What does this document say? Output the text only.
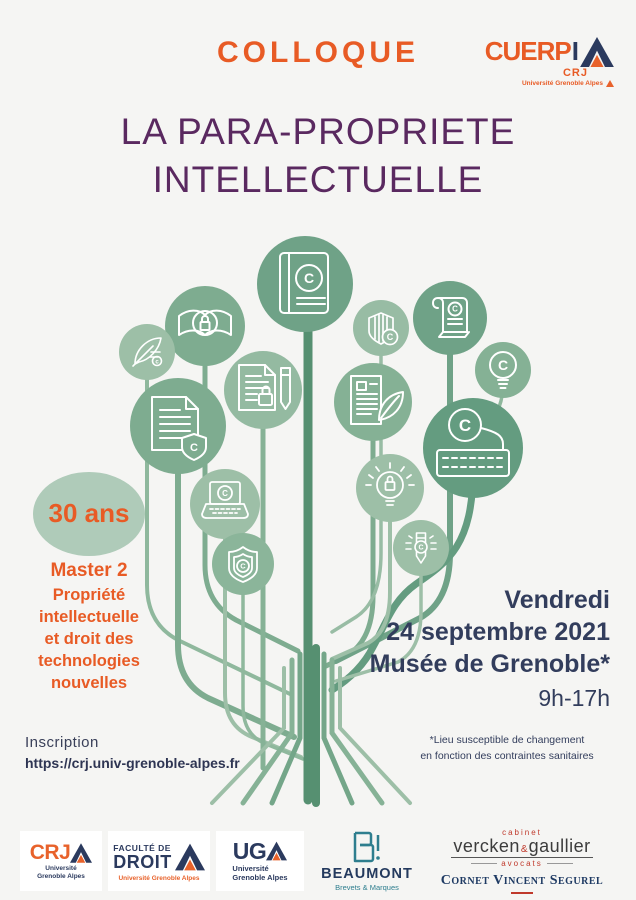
C
c
C
C
C
C
C
C
C
C
COLLOQUE	CUERP I
CRJ
Université Grenoble Alpes
LA PARA-PROPRIETE
INTELLECTUELLE
30 ans
Master 2
Propriété
intellectuelle
et droit des
technologies
nouvelles
Vendredi
24 septembre 2021
Musée de Grenoble*
9h-17h
*Lieu susceptible de changement
en fonction des contraintes sanitaires
Inscription
https://crj.univ-grenoble-alpes.fr
CRJ
Université
Grenoble Alpes
FACULTÉ DE
DROIT
Université Grenoble Alpes
UG
Université
Grenoble Alpes BEAUMONT
Brevets & Marques
cabinet
vercken & gaullier
avocats
Cornet Vincent Segurel
